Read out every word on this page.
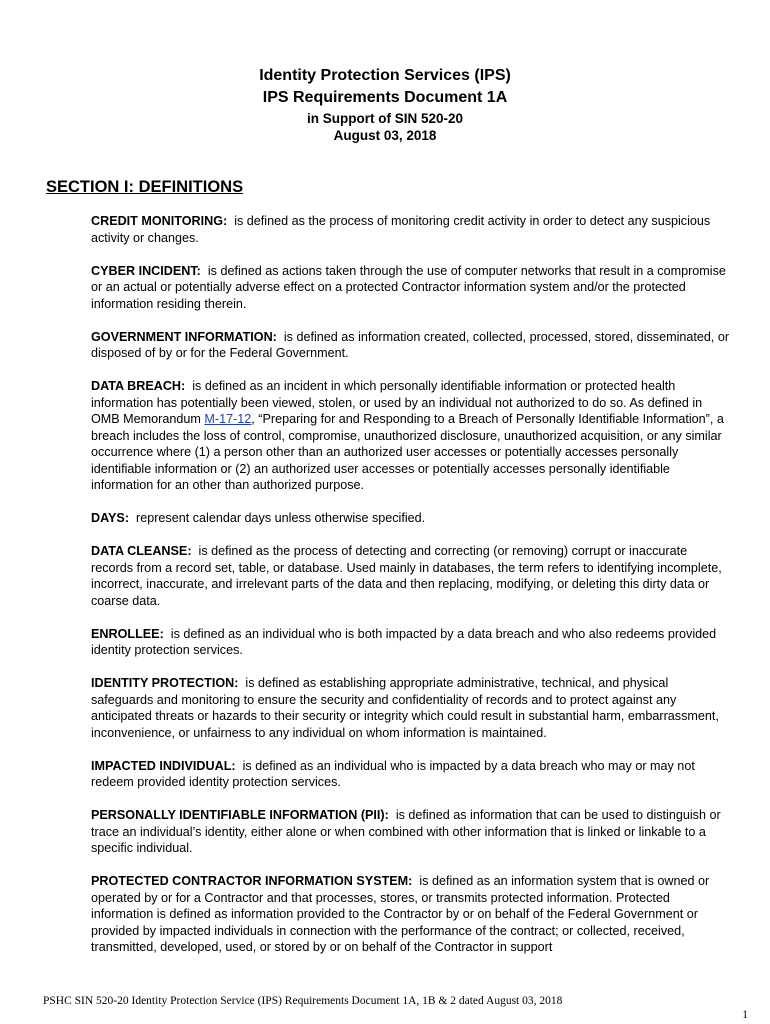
Identity Protection Services (IPS)
IPS Requirements Document 1A
in Support of SIN 520-20
August 03, 2018
SECTION I: DEFINITIONS

CREDIT MONITORING: is defined as the process of monitoring credit activity in order to detect any suspicious activity or changes.

CYBER INCIDENT: is defined as actions taken through the use of computer networks that result in a compromise or an actual or potentially adverse effect on a protected Contractor information system and/or the protected information residing therein.

GOVERNMENT INFORMATION: is defined as information created, collected, processed, stored, disseminated, or disposed of by or for the Federal Government.

DATA BREACH: is defined as an incident in which personally identifiable information or protected health information has potentially been viewed, stolen, or used by an individual not authorized to do so. As defined in OMB Memorandum M-17-12, “Preparing for and Responding to a Breach of Personally Identifiable Information”, a breach includes the loss of control, compromise, unauthorized disclosure, unauthorized acquisition, or any similar occurrence where (1) a person other than an authorized user accesses or potentially accesses personally identifiable information or (2) an authorized user accesses or potentially accesses personally identifiable information for an other than authorized purpose.

DAYS: represent calendar days unless otherwise specified.

DATA CLEANSE: is defined as the process of detecting and correcting (or removing) corrupt or inaccurate records from a record set, table, or database. Used mainly in databases, the term refers to identifying incomplete, incorrect, inaccurate, and irrelevant parts of the data and then replacing, modifying, or deleting this dirty data or coarse data.

ENROLLEE: is defined as an individual who is both impacted by a data breach and who also redeems provided identity protection services.

IDENTITY PROTECTION: is defined as establishing appropriate administrative, technical, and physical safeguards and monitoring to ensure the security and confidentiality of records and to protect against any anticipated threats or hazards to their security or integrity which could result in substantial harm, embarrassment, inconvenience, or unfairness to any individual on whom information is maintained.

IMPACTED INDIVIDUAL: is defined as an individual who is impacted by a data breach who may or may not redeem provided identity protection services.

PERSONALLY IDENTIFIABLE INFORMATION (PII): is defined as information that can be used to distinguish or trace an individual’s identity, either alone or when combined with other information that is linked or linkable to a specific individual.

PROTECTED CONTRACTOR INFORMATION SYSTEM: is defined as an information system that is owned or operated by or for a Contractor and that processes, stores, or transmits protected information. Protected information is defined as information provided to the Contractor by or on behalf of the Federal Government or provided by impacted individuals in connection with the performance of the contract; or collected, received, transmitted, developed, used, or stored by or on behalf of the Contractor in support

PSHC SIN 520-20 Identity Protection Service (IPS) Requirements Document 1A, 1B & 2 dated August 03, 2018
1
